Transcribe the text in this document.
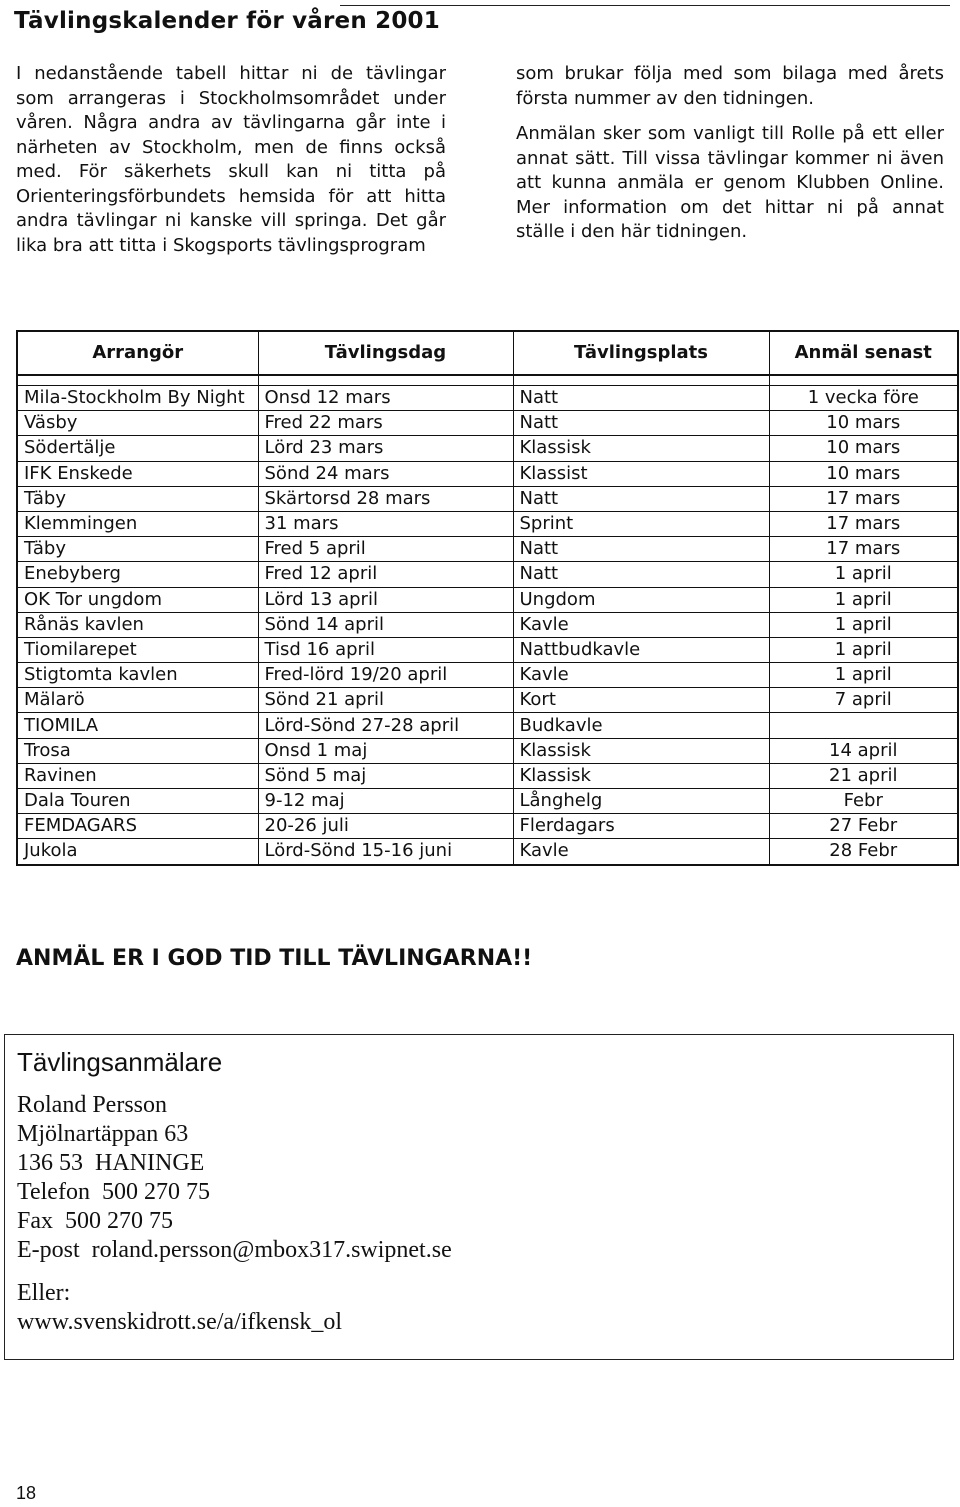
Tävlingskalender för våren 2001

I nedanstående tabell hittar ni de tävlingar som arrangeras i Stockholmsområdet under våren. Några andra av tävlingarna går inte i närheten av Stockholm, men de finns också med. För säkerhets skull kan ni titta på Orienteringsförbundets hemsida för att hitta andra tävlingar ni kanske vill springa. Det går lika bra att titta i Skogsports tävlingsprogram

som brukar följa med som bilaga med årets första nummer av den tidningen.

Anmälan sker som vanligt till Rolle på ett eller annat sätt. Till vissa tävlingar kommer ni även att kunna anmäla er genom Klubben Online. Mer information om det hittar ni på annat ställe i den här tidningen.

Arrangör	Tävlingsdag	Tävlingsplats	Anmäl senast

Mila-Stockholm By Night	Onsd 12 mars	Natt	1 vecka före
Väsby	Fred 22 mars	Natt	10 mars
Södertälje	Lörd 23 mars	Klassisk	10 mars
IFK Enskede	Sönd 24 mars	Klassist	10 mars
Täby	Skärtorsd 28 mars	Natt	17 mars
Klemmingen	31 mars	Sprint	17 mars
Täby	Fred 5 april	Natt	17 mars
Enebyberg	Fred 12 april	Natt	1 april
OK Tor ungdom	Lörd 13 april	Ungdom	1 april
Rånäs kavlen	Sönd 14 april	Kavle	1 april
Tiomilarepet	Tisd 16 april	Nattbudkavle	1 april
Stigtomta kavlen	Fred-lörd 19/20 april	Kavle	1 april
Mälarö	Sönd 21 april	Kort	7 april
TIOMILA	Lörd-Sönd 27-28 april	Budkavle	
Trosa	Onsd 1 maj	Klassisk	14 april
Ravinen	Sönd 5 maj	Klassisk	21 april
Dala Touren	9-12 maj	Långhelg	Febr
FEMDAGARS	20-26 juli	Flerdagars	27 Febr
Jukola	Lörd-Sönd 15-16 juni	Kavle	28 Febr
ANMÄL ER I GOD TID TILL TÄVLINGARNA!!
Tävlingsanmälare
Roland Persson
Mjölnartäppan 63
136 53  HANINGE
Telefon  500 270 75
Fax  500 270 75
E-post  roland.persson@mbox317.swipnet.se
Eller:
www.svenskidrott.se/a/ifkensk_ol
18
